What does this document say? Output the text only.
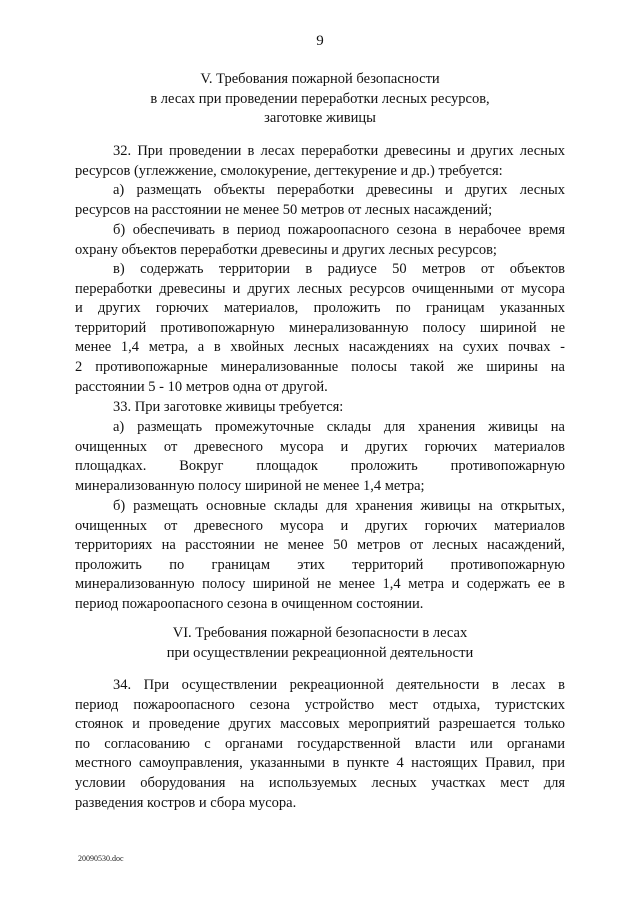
9
V. Требования пожарной безопасности
в лесах при проведении переработки лесных ресурсов,
заготовке живицы
32. При проведении в лесах переработки древесины и других лесных
ресурсов (углежжение, смолокурение, дегтекурение и др.) требуется:
а) размещать объекты переработки древесины и других лесных
ресурсов на расстоянии не менее 50 метров от лесных насаждений;
б) обеспечивать в период пожароопасного сезона в нерабочее время
охрану объектов переработки древесины и других лесных ресурсов;
в) содержать территории в радиусе 50 метров от объектов
переработки древесины и других лесных ресурсов очищенными от мусора
и других горючих материалов, проложить по границам указанных
территорий противопожарную минерализованную полосу шириной не
менее 1,4 метра, а в хвойных лесных насаждениях на сухих почвах -
2 противопожарные минерализованные полосы такой же ширины на
расстоянии 5 - 10 метров одна от другой.
33. При заготовке живицы требуется:
а) размещать промежуточные склады для хранения живицы на
очищенных от древесного мусора и других горючих материалов
площадках. Вокруг площадок проложить противопожарную
минерализованную полосу шириной не менее 1,4 метра;
б) размещать основные склады для хранения живицы на открытых,
очищенных от древесного мусора и других горючих материалов
территориях на расстоянии не менее 50 метров от лесных насаждений,
проложить по границам этих территорий противопожарную
минерализованную полосу шириной не менее 1,4 метра и содержать ее в
период пожароопасного сезона в очищенном состоянии.
VI. Требования пожарной безопасности в лесах
при осуществлении рекреационной деятельности
34. При осуществлении рекреационной деятельности в лесах в
период пожароопасного сезона устройство мест отдыха, туристских
стоянок и проведение других массовых мероприятий разрешается только
по согласованию с органами государственной власти или органами
местного самоуправления, указанными в пункте 4 настоящих Правил, при
условии оборудования на используемых лесных участках мест для
разведения костров и сбора мусора.
20090530.doc
